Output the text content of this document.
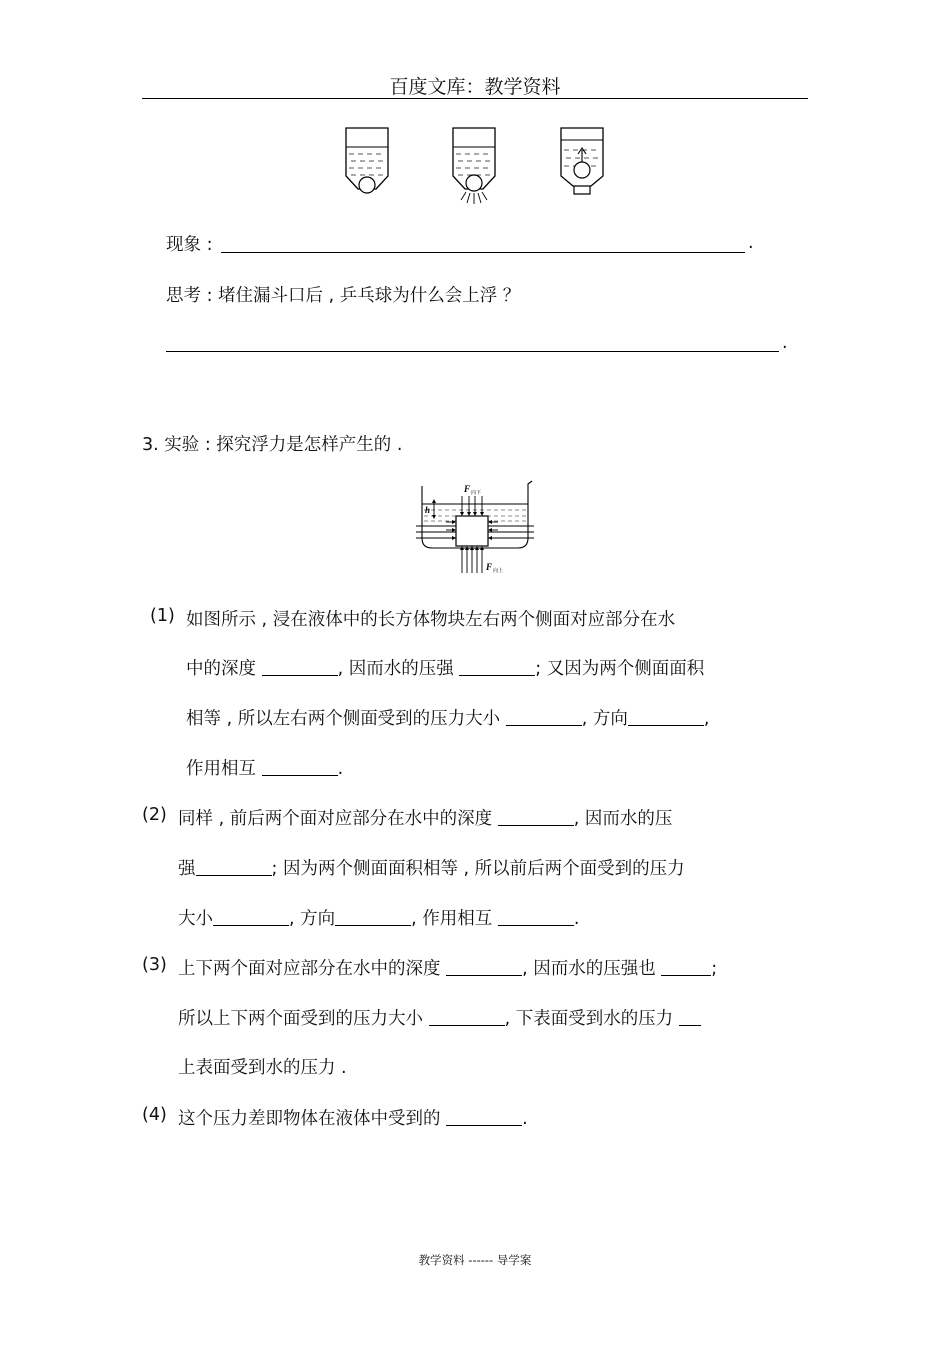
百度文库：教学资料
现象 :	.
思考 : 堵住漏斗口后 , 乒乓球为什么会上浮 ？
.
3. 实验 : 探究浮力是怎样产生的 .
F 向下
F 向上
h
(1) 如图所示 , 浸在液体中的长方体物块左右两个侧面对应部分在水
中的深度	, 因而水的压强	; 又因为两个侧面面积
相等 , 所以左右两个侧面受到的压力大小	, 方向	,
作用相互	.
(2) 同样 , 前后两个面对应部分在水中的深度	, 因而水的压
强	; 因为两个侧面面积相等 , 所以前后两个面受到的压力
大小	, 方向	, 作用相互	.
(3) 上下两个面对应部分在水中的深度	, 因而水的压强也	;
所以上下两个面受到的压力大小	, 下表面受到水的压力
上表面受到水的压力 .
(4) 这个压力差即物体在液体中受到的	.
教学资料 ------ 导学案
